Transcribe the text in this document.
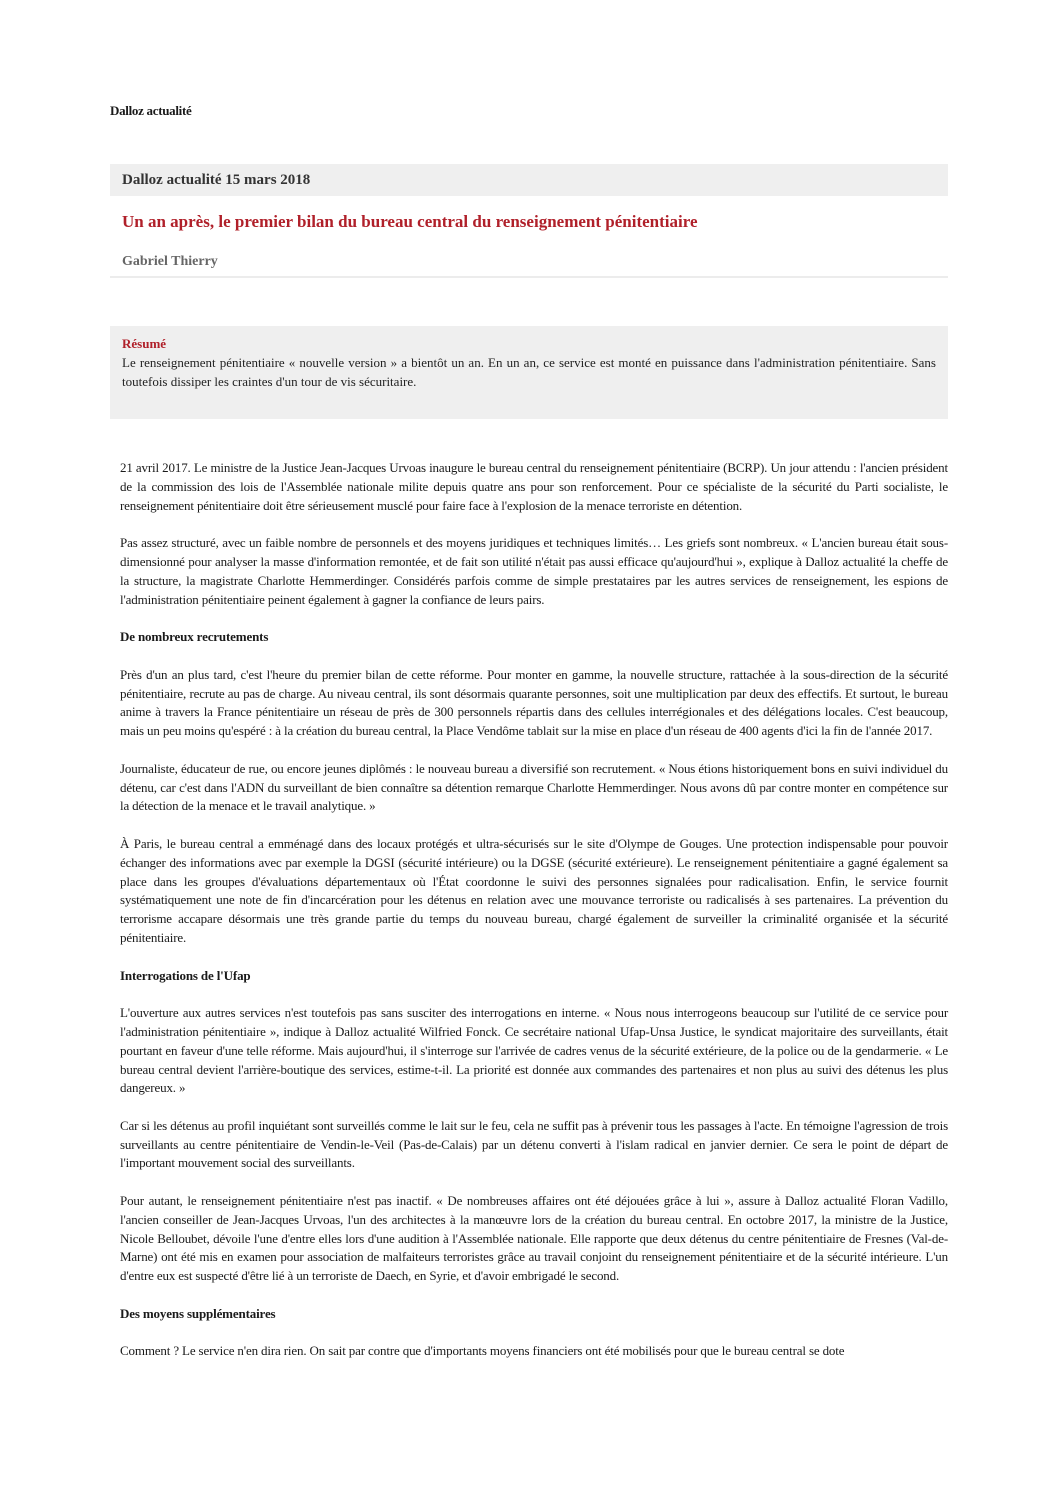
Dalloz actualité
Dalloz actualité 15 mars 2018
Un an après, le premier bilan du bureau central du renseignement pénitentiaire
Gabriel Thierry
Résumé
Le renseignement pénitentiaire « nouvelle version » a bientôt un an. En un an, ce service est monté en puissance dans l'administration pénitentiaire. Sans toutefois dissiper les craintes d'un tour de vis sécuritaire.

21 avril 2017. Le ministre de la Justice Jean-Jacques Urvoas inaugure le bureau central du renseignement pénitentiaire (BCRP). Un jour attendu : l'ancien président de la commission des lois de l'Assemblée nationale milite depuis quatre ans pour son renforcement. Pour ce spécialiste de la sécurité du Parti socialiste, le renseignement pénitentiaire doit être sérieusement musclé pour faire face à l'explosion de la menace terroriste en détention.

Pas assez structuré, avec un faible nombre de personnels et des moyens juridiques et techniques limités… Les griefs sont nombreux. « L'ancien bureau était sous-dimensionné pour analyser la masse d'information remontée, et de fait son utilité n'était pas aussi efficace qu'aujourd'hui », explique à Dalloz actualité la cheffe de la structure, la magistrate Charlotte Hemmerdinger. Considérés parfois comme de simple prestataires par les autres services de renseignement, les espions de l'administration pénitentiaire peinent également à gagner la confiance de leurs pairs.

De nombreux recrutements

Près d'un an plus tard, c'est l'heure du premier bilan de cette réforme. Pour monter en gamme, la nouvelle structure, rattachée à la sous-direction de la sécurité pénitentiaire, recrute au pas de charge. Au niveau central, ils sont désormais quarante personnes, soit une multiplication par deux des effectifs. Et surtout, le bureau anime à travers la France pénitentiaire un réseau de près de 300 personnels répartis dans des cellules interrégionales et des délégations locales. C'est beaucoup, mais un peu moins qu'espéré : à la création du bureau central, la Place Vendôme tablait sur la mise en place d'un réseau de 400 agents d'ici la fin de l'année 2017.

Journaliste, éducateur de rue, ou encore jeunes diplômés : le nouveau bureau a diversifié son recrutement. « Nous étions historiquement bons en suivi individuel du détenu, car c'est dans l'ADN du surveillant de bien connaître sa détention remarque Charlotte Hemmerdinger. Nous avons dû par contre monter en compétence sur la détection de la menace et le travail analytique. »

À Paris, le bureau central a emménagé dans des locaux protégés et ultra-sécurisés sur le site d'Olympe de Gouges. Une protection indispensable pour pouvoir échanger des informations avec par exemple la DGSI (sécurité intérieure) ou la DGSE (sécurité extérieure). Le renseignement pénitentiaire a gagné également sa place dans les groupes d'évaluations départementaux où l'État coordonne le suivi des personnes signalées pour radicalisation. Enfin, le service fournit systématiquement une note de fin d'incarcération pour les détenus en relation avec une mouvance terroriste ou radicalisés à ses partenaires. La prévention du terrorisme accapare désormais une très grande partie du temps du nouveau bureau, chargé également de surveiller la criminalité organisée et la sécurité pénitentiaire.

Interrogations de l'Ufap

L'ouverture aux autres services n'est toutefois pas sans susciter des interrogations en interne. « Nous nous interrogeons beaucoup sur l'utilité de ce service pour l'administration pénitentiaire », indique à Dalloz actualité Wilfried Fonck. Ce secrétaire national Ufap-Unsa Justice, le syndicat majoritaire des surveillants, était pourtant en faveur d'une telle réforme. Mais aujourd'hui, il s'interroge sur l'arrivée de cadres venus de la sécurité extérieure, de la police ou de la gendarmerie. « Le bureau central devient l'arrière-boutique des services, estime-t-il. La priorité est donnée aux commandes des partenaires et non plus au suivi des détenus les plus dangereux. »

Car si les détenus au profil inquiétant sont surveillés comme le lait sur le feu, cela ne suffit pas à prévenir tous les passages à l'acte. En témoigne l'agression de trois surveillants au centre pénitentiaire de Vendin-le-Veil (Pas-de-Calais) par un détenu converti à l'islam radical en janvier dernier. Ce sera le point de départ de l'important mouvement social des surveillants.

Pour autant, le renseignement pénitentiaire n'est pas inactif. « De nombreuses affaires ont été déjouées grâce à lui », assure à Dalloz actualité Floran Vadillo, l'ancien conseiller de Jean-Jacques Urvoas, l'un des architectes à la manœuvre lors de la création du bureau central. En octobre 2017, la ministre de la Justice, Nicole Belloubet, dévoile l'une d'entre elles lors d'une audition à l'Assemblée nationale. Elle rapporte que deux détenus du centre pénitentiaire de Fresnes (Val-de-Marne) ont été mis en examen pour association de malfaiteurs terroristes grâce au travail conjoint du renseignement pénitentiaire et de la sécurité intérieure. L'un d'entre eux est suspecté d'être lié à un terroriste de Daech, en Syrie, et d'avoir embrigadé le second.

Des moyens supplémentaires

Comment ? Le service n'en dira rien. On sait par contre que d'importants moyens financiers ont été mobilisés pour que le bureau central se dote
